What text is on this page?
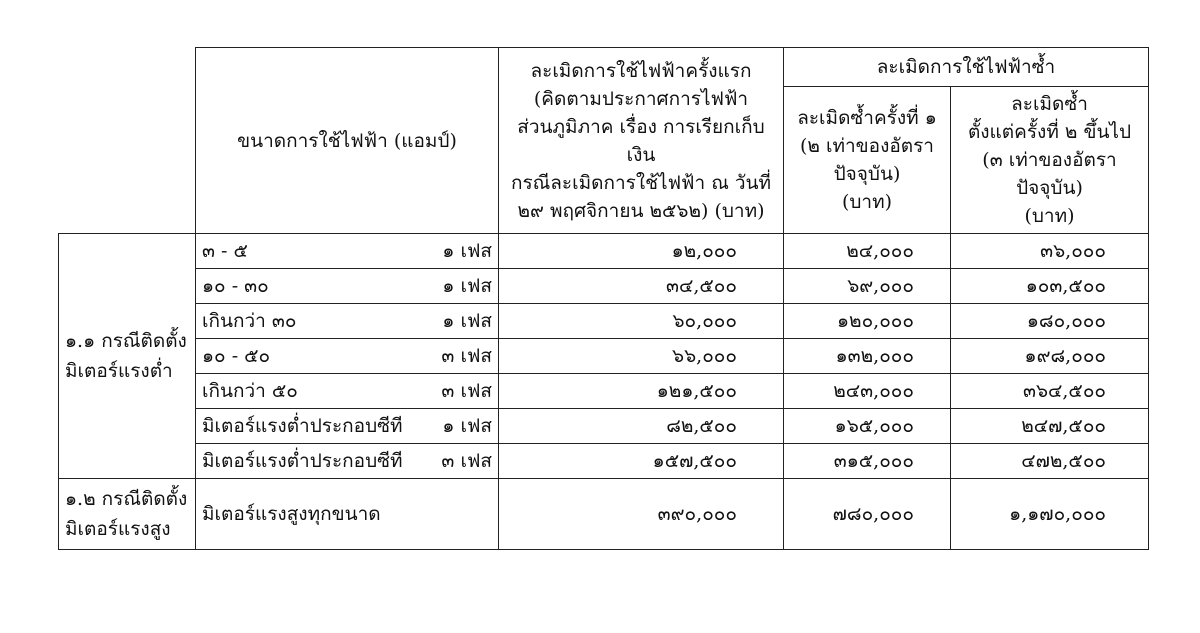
	ขนาดการใช้ไฟฟ้า (แอมป์)	ละเมิดการใช้ไฟฟ้าครั้งแรก
(คิดตามประกาศการไฟฟ้า
ส่วนภูมิภาค เรื่อง การเรียกเก็บเงิน
กรณีละเมิดการใช้ไฟฟ้า ณ วันที่
๒๙ พฤศจิกายน ๒๕๖๒) (บาท)	ละเมิดการใช้ไฟฟ้าซ้ำ	

			ละเมิดซ้ำครั้งที่ ๑
(๒ เท่าของอัตรา
ปัจจุบัน)
(บาท)	ละเมิดซ้ำ
ตั้งแต่ครั้งที่ ๒ ขึ้นไป
(๓ เท่าของอัตราปัจจุบัน)
(บาท)

๑.๑ กรณีติดตั้ง
มิเตอร์แรงต่ำ	๓ - ๕ ๑ เฟส	๑๒,๐๐๐	๒๔,๐๐๐	๓๖,๐๐๐

	๑๐ - ๓๐ ๑ เฟส	๓๔,๕๐๐	๖๙,๐๐๐	๑๐๓,๕๐๐

	เกินกว่า ๓๐ ๑ เฟส	๖๐,๐๐๐	๑๒๐,๐๐๐	๑๘๐,๐๐๐

	๑๐ - ๕๐ ๓ เฟส	๖๖,๐๐๐	๑๓๒,๐๐๐	๑๙๘,๐๐๐

	เกินกว่า ๕๐ ๓ เฟส	๑๒๑,๕๐๐	๒๔๓,๐๐๐	๓๖๔,๕๐๐

	มิเตอร์แรงต่ำประกอบซีที ๑ เฟส	๘๒,๕๐๐	๑๖๕,๐๐๐	๒๔๗,๕๐๐

	มิเตอร์แรงต่ำประกอบซีที ๓ เฟส	๑๕๗,๕๐๐	๓๑๕,๐๐๐	๔๗๒,๕๐๐

๑.๒ กรณีติดตั้ง
มิเตอร์แรงสูง	มิเตอร์แรงสูงทุกขนาด	๓๙๐,๐๐๐	๗๘๐,๐๐๐	๑,๑๗๐,๐๐๐
